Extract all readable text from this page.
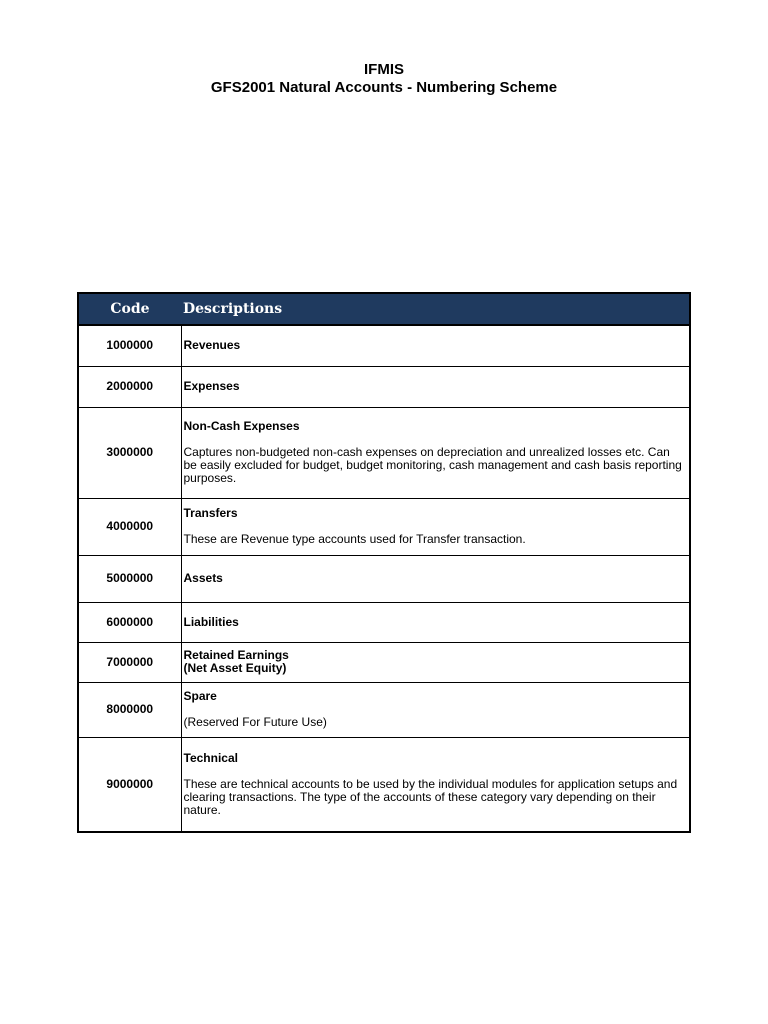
IFMIS
GFS2001 Natural Accounts - Numbering Scheme
Code	Descriptions
1000000	Revenues

2000000	Expenses

3000000	Non-Cash Expenses
Captures non-budgeted non-cash expenses on depreciation and unrealized losses etc. Can be easily excluded for budget, budget monitoring, cash management and cash basis reporting purposes.

4000000	Transfers
These are Revenue type accounts used for Transfer transaction.

5000000	Assets

6000000	Liabilities

7000000	Retained Earnings
(Net Asset Equity)

8000000	Spare
(Reserved For Future Use)

9000000	Technical
These are technical accounts to be used by the individual modules for application setups and clearing transactions. The type of the accounts of these category vary depending on their nature.
